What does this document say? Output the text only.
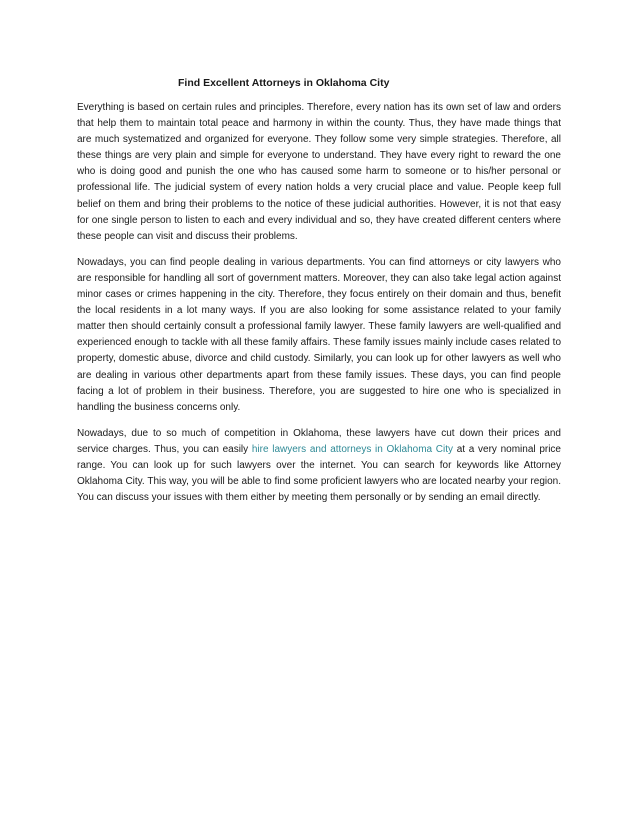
Find Excellent Attorneys in Oklahoma City

Everything is based on certain rules and principles. Therefore, every nation has its own set of law and orders that help them to maintain total peace and harmony in within the county. Thus, they have made things that are much systematized and organized for everyone. They follow some very simple strategies. Therefore, all these things are very plain and simple for everyone to understand. They have every right to reward the one who is doing good and punish the one who has caused some harm to someone or to his/her personal or professional life. The judicial system of every nation holds a very crucial place and value. People keep full belief on them and bring their problems to the notice of these judicial authorities. However, it is not that easy for one single person to listen to each and every individual and so, they have created different centers where these people can visit and discuss their problems.

Nowadays, you can find people dealing in various departments. You can find attorneys or city lawyers who are responsible for handling all sort of government matters. Moreover, they can also take legal action against minor cases or crimes happening in the city. Therefore, they focus entirely on their domain and thus, benefit the local residents in a lot many ways. If you are also looking for some assistance related to your family matter then should certainly consult a professional family lawyer. These family lawyers are well-qualified and experienced enough to tackle with all these family affairs. These family issues mainly include cases related to property, domestic abuse, divorce and child custody. Similarly, you can look up for other lawyers as well who are dealing in various other departments apart from these family issues. These days, you can find people facing a lot of problem in their business. Therefore, you are suggested to hire one who is specialized in handling the business concerns only.

Nowadays, due to so much of competition in Oklahoma, these lawyers have cut down their prices and service charges. Thus, you can easily hire lawyers and attorneys in Oklahoma City at a very nominal price range. You can look up for such lawyers over the internet. You can search for keywords like Attorney Oklahoma City. This way, you will be able to find some proficient lawyers who are located nearby your region. You can discuss your issues with them either by meeting them personally or by sending an email directly.
